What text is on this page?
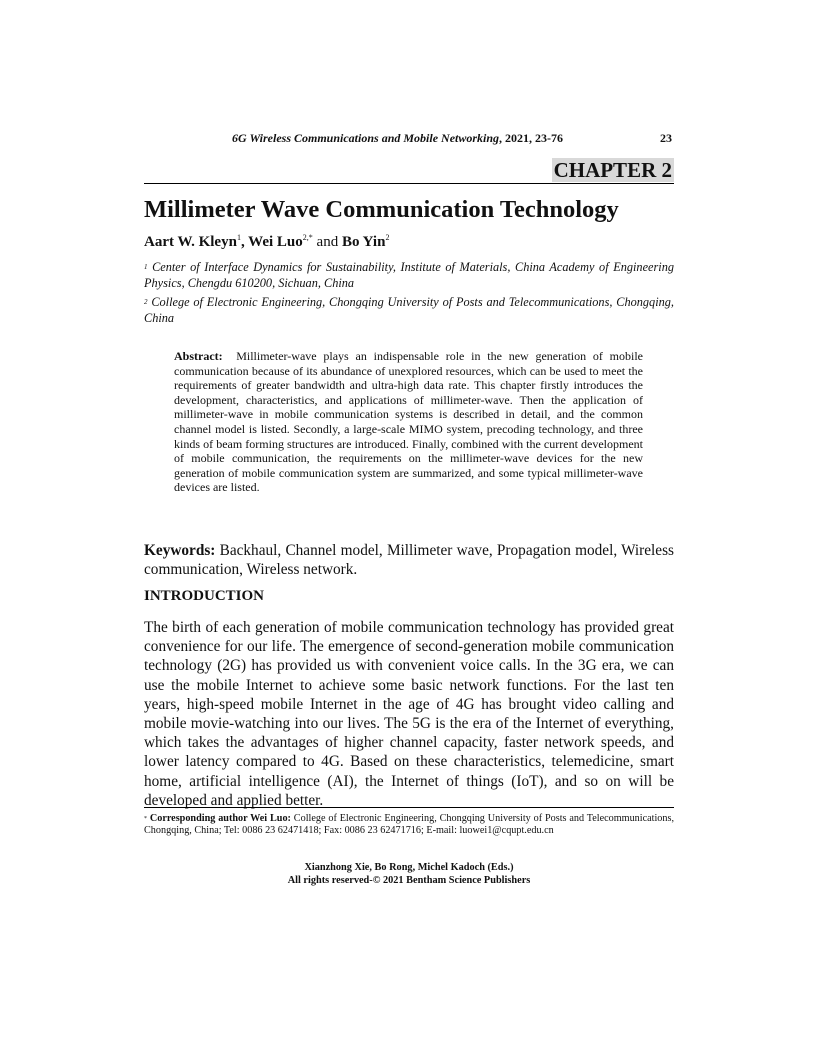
6G Wireless Communications and Mobile Networking, 2021, 23-76	23
CHAPTER 2
Millimeter Wave Communication Technology
Aart W. Kleyn$^1$, Wei Luo$^{2,*}$ and Bo Yin$^2$
$^1$ Center of Interface Dynamics for Sustainability, Institute of Materials, China Academy of Engineering Physics, Chengdu 610200, Sichuan, China
$^2$ College of Electronic Engineering, Chongqing University of Posts and Telecommunications, Chongqing, China
Abstract: Millimeter-wave plays an indispensable role in the new generation of mobile communication because of its abundance of unexplored resources, which can be used to meet the requirements of greater bandwidth and ultra-high data rate. This chapter firstly introduces the development, characteristics, and applications of millimeter-wave. Then the application of millimeter-wave in mobile communication systems is described in detail, and the common channel model is listed. Secondly, a large-scale MIMO system, precoding technology, and three kinds of beam forming structures are introduced. Finally, combined with the current development of mobile communication, the requirements on the millimeter-wave devices for the new generation of mobile communication system are summarized, and some typical millimeter-wave devices are listed.
Keywords: Backhaul, Channel model, Millimeter wave, Propagation model, Wireless communication, Wireless network.
INTRODUCTION
The birth of each generation of mobile communication technology has provided great convenience for our life. The emergence of second-generation mobile communication technology (2G) has provided us with convenient voice calls. In the 3G era, we can use the mobile Internet to achieve some basic network functions. For the last ten years, high-speed mobile Internet in the age of 4G has brought video calling and mobile movie-watching into our lives. The 5G is the era of the Internet of everything, which takes the advantages of higher channel capacity, faster network speeds, and lower latency compared to 4G. Based on these characteristics, telemedicine, smart home, artificial intelligence (AI), the Internet of things (IoT), and so on will be developed and applied better.
* Corresponding author Wei Luo: College of Electronic Engineering, Chongqing University of Posts and Telecommunications, Chongqing, China; Tel: 0086 23 62471418; Fax: 0086 23 62471716; E-mail: luowei1@cqupt.edu.cn
Xianzhong Xie, Bo Rong, Michel Kadoch (Eds.)
All rights reserved-© 2021 Bentham Science Publishers
